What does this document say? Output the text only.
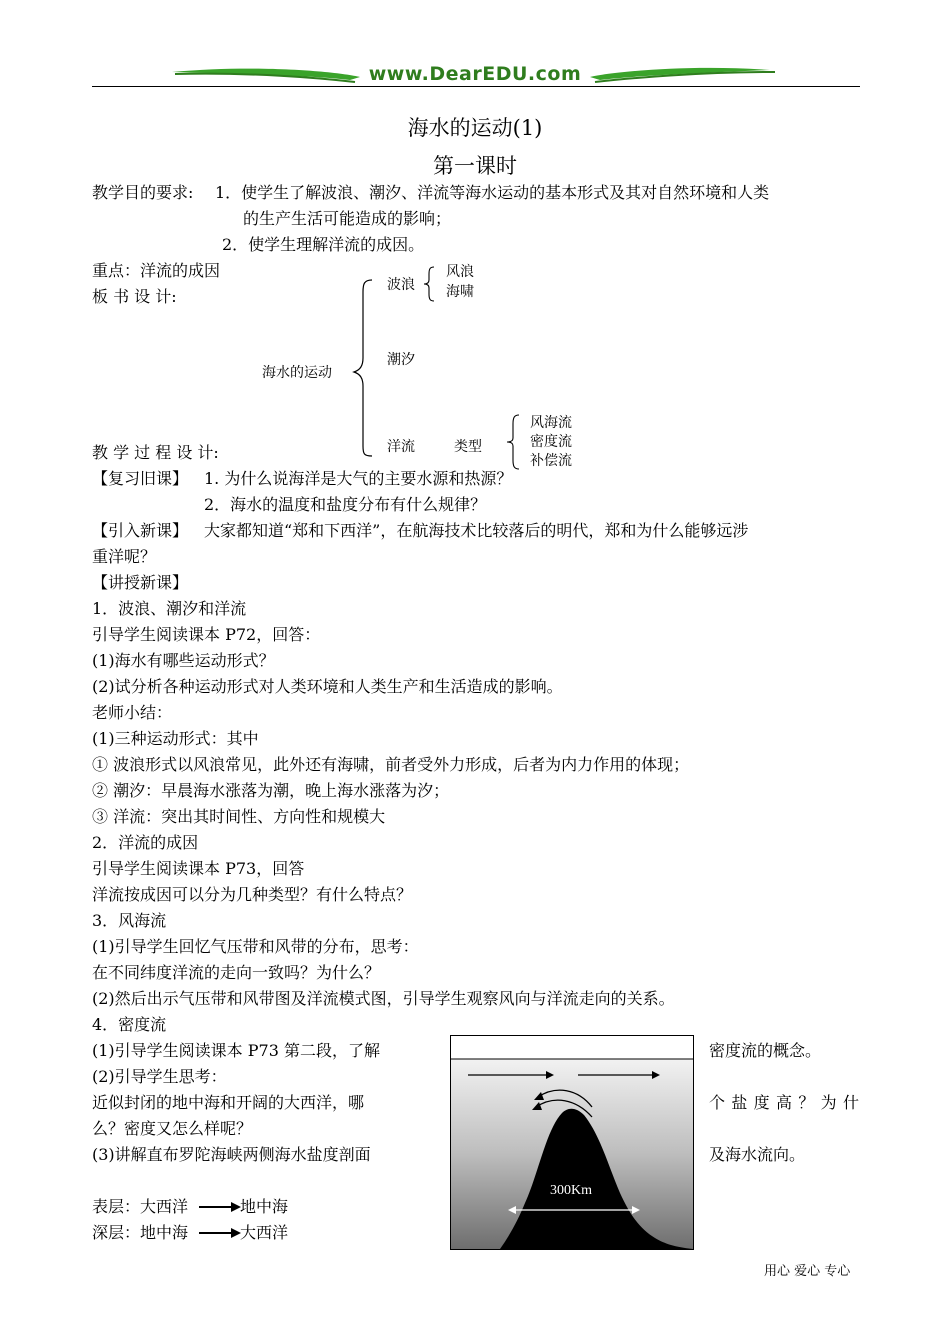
www.DearEDU.com
海水的运动(1)
第一课时
教学目的要求: 1．使学生了解波浪、潮汐、洋流等海水运动的基本形式及其对自然环境和人类
的生产生活可能造成的影响；
2．使学生理解洋流的成因。
重点：洋流的成因
板 书 设 计:
海水的运动
波浪
风浪
海啸
潮汐
洋流	类型
风海流
密度流
补偿流
教 学 过 程 设 计:
【复习旧课】 1. 为什么说海洋是大气的主要水源和热源？
2．海水的温度和盐度分布有什么规律？
【引入新课】 大家都知道“郑和下西洋”，在航海技术比较落后的明代，郑和为什么能够远涉
重洋呢？
【讲授新课】
1．波浪、潮汐和洋流
引导学生阅读课本 P72，回答：
(1)海水有哪些运动形式？
(2)试分析各种运动形式对人类环境和人类生产和生活造成的影响。
老师小结：
(1)三种运动形式：其中
① 波浪形式以风浪常见，此外还有海啸，前者受外力形成，后者为内力作用的体现；
② 潮汐：早晨海水涨落为潮，晚上海水涨落为汐；
③ 洋流：突出其时间性、方向性和规模大
2．洋流的成因
引导学生阅读课本 P73，回答
洋流按成因可以分为几种类型？有什么特点？
3．风海流
(1)引导学生回忆气压带和风带的分布，思考：
在不同纬度洋流的走向一致吗？为什么？
(2)然后出示气压带和风带图及洋流模式图，引导学生观察风向与洋流走向的关系。
4．密度流
(1)引导学生阅读课本 P73 第二段，了解	密度流的概念。
(2)引导学生思考：
近似封闭的地中海和开阔的大西洋，哪	个 盐 度 高 ？ 为 什
么？密度又怎么样呢？
(3)讲解直布罗陀海峡两侧海水盐度剖面	及海水流向。
表层：大西洋	地中海
深层：地中海	大西洋
300Km
用心 爱心 专心
